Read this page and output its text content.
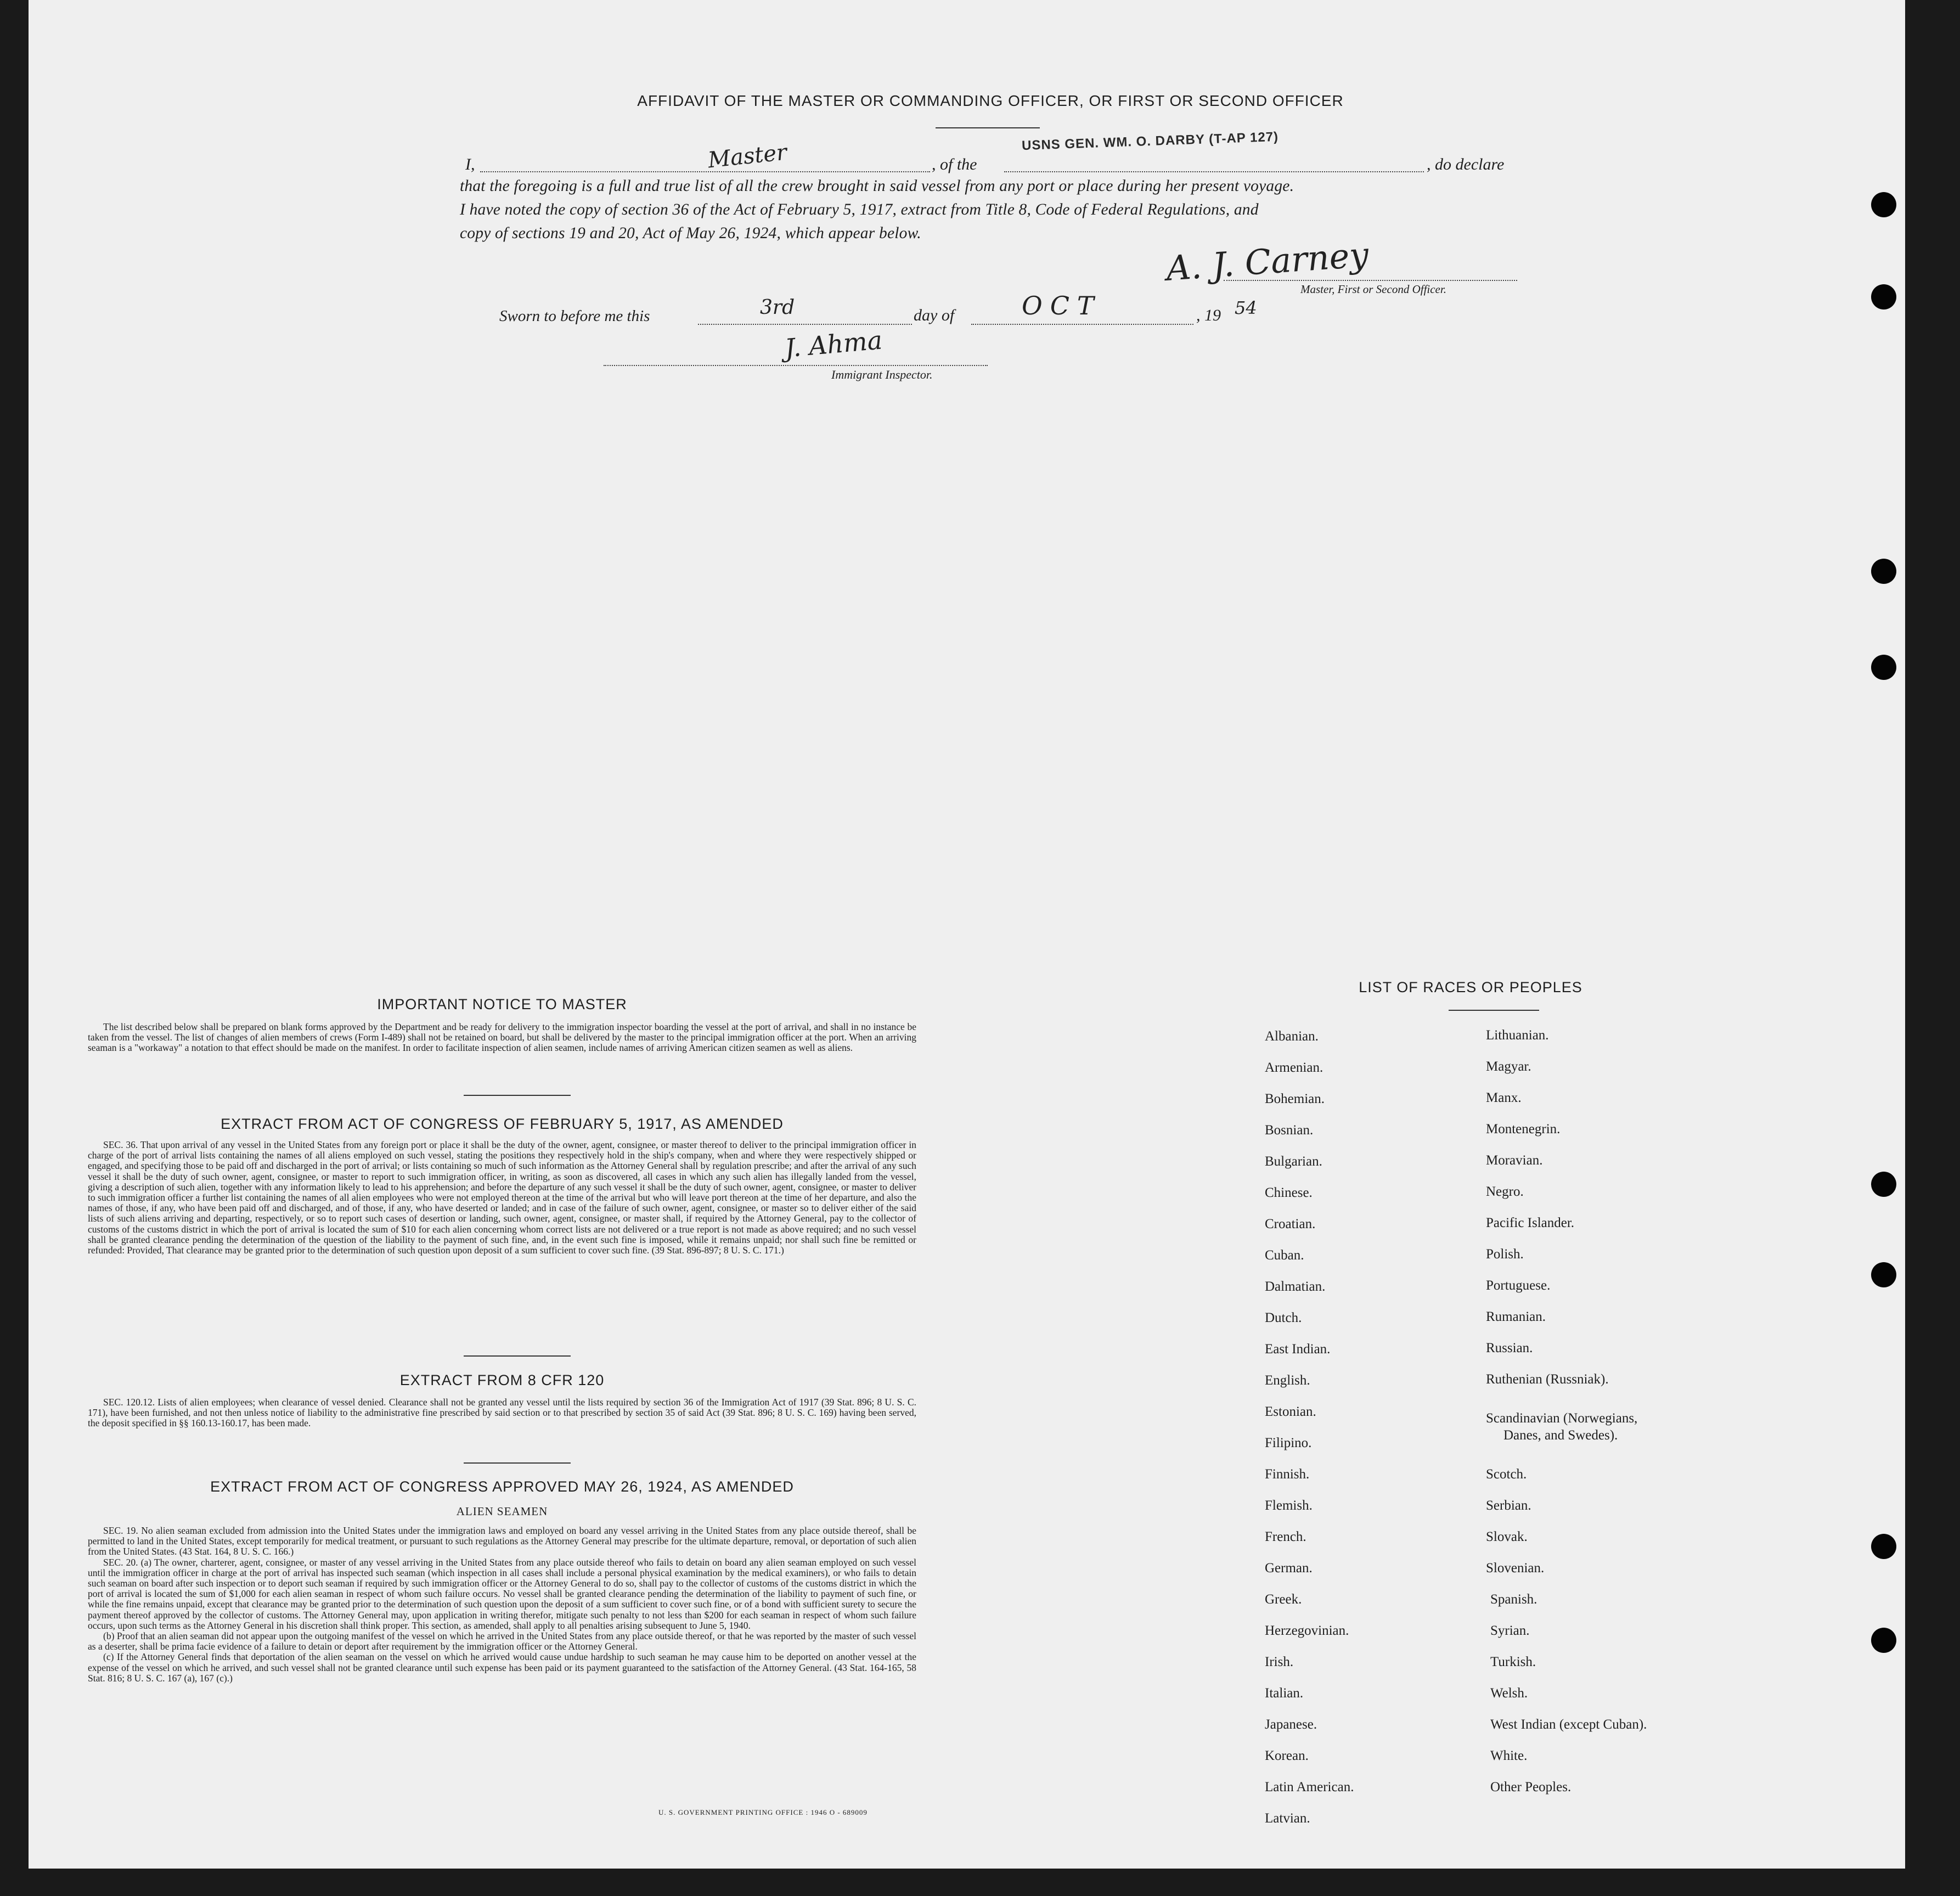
AFFIDAVIT OF THE MASTER OR COMMANDING OFFICER, OR FIRST OR SECOND OFFICER
I,	Master	, of the
USNS GEN. WM. O. DARBY (T-AP 127)
, do declare
that the foregoing is a full and true list of all the crew brought in said vessel from any port or place during her present voyage.
I have noted the copy of section 36 of the Act of February 5, 1917, extract from Title 8, Code of Federal Regulations, and
copy of sections 19 and 20, Act of May 26, 1924, which appear below.
A. J. Carney
Master, First or Second Officer.
Sworn to before me this	3rd	day of	OCT	, 19 54
J. Ahma
Immigrant Inspector.
IMPORTANT NOTICE TO MASTER

The list described below shall be prepared on blank forms approved by the Department and be ready for delivery to the immigration inspector boarding the vessel at the port of arrival, and shall in no instance be taken from the vessel. The list of changes of alien members of crews (Form I-489) shall not be retained on board, but shall be delivered by the master to the principal immigration officer at the port. When an arriving seaman is a "workaway" a notation to that effect should be made on the manifest. In order to facilitate inspection of alien seamen, include names of arriving American citizen seamen as well as aliens.

EXTRACT FROM ACT OF CONGRESS OF FEBRUARY 5, 1917, AS AMENDED

SEC. 36. That upon arrival of any vessel in the United States from any foreign port or place it shall be the duty of the owner, agent, consignee, or master thereof to deliver to the principal immigration officer in charge of the port of arrival lists containing the names of all aliens employed on such vessel, stating the positions they respectively hold in the ship's company, when and where they were respectively shipped or engaged, and specifying those to be paid off and discharged in the port of arrival; or lists containing so much of such information as the Attorney General shall by regulation prescribe; and after the arrival of any such vessel it shall be the duty of such owner, agent, consignee, or master to report to such immigration officer, in writing, as soon as discovered, all cases in which any such alien has illegally landed from the vessel, giving a description of such alien, together with any information likely to lead to his apprehension; and before the departure of any such vessel it shall be the duty of such owner, agent, consignee, or master to deliver to such immigration officer a further list containing the names of all alien employees who were not employed thereon at the time of the arrival but who will leave port thereon at the time of her departure, and also the names of those, if any, who have been paid off and discharged, and of those, if any, who have deserted or landed; and in case of the failure of such owner, agent, consignee, or master so to deliver either of the said lists of such aliens arriving and departing, respectively, or so to report such cases of desertion or landing, such owner, agent, consignee, or master shall, if required by the Attorney General, pay to the collector of customs of the customs district in which the port of arrival is located the sum of $10 for each alien concerning whom correct lists are not delivered or a true report is not made as above required; and no such vessel shall be granted clearance pending the determination of the question of the liability to the payment of such fine, and, in the event such fine is imposed, while it remains unpaid; nor shall such fine be remitted or refunded: Provided, That clearance may be granted prior to the determination of such question upon deposit of a sum sufficient to cover such fine. (39 Stat. 896-897; 8 U. S. C. 171.)

EXTRACT FROM 8 CFR 120

SEC. 120.12. Lists of alien employees; when clearance of vessel denied. Clearance shall not be granted any vessel until the lists required by section 36 of the Immigration Act of 1917 (39 Stat. 896; 8 U. S. C. 171), have been furnished, and not then unless notice of liability to the administrative fine prescribed by said section or to that prescribed by section 35 of said Act (39 Stat. 896; 8 U. S. C. 169) having been served, the deposit specified in §§ 160.13-160.17, has been made.

EXTRACT FROM ACT OF CONGRESS APPROVED MAY 26, 1924, AS AMENDED
ALIEN SEAMEN

SEC. 19. No alien seaman excluded from admission into the United States under the immigration laws and employed on board any vessel arriving in the United States from any place outside thereof, shall be permitted to land in the United States, except temporarily for medical treatment, or pursuant to such regulations as the Attorney General may prescribe for the ultimate departure, removal, or deportation of such alien from the United States. (43 Stat. 164, 8 U. S. C. 166.)

SEC. 20. (a) The owner, charterer, agent, consignee, or master of any vessel arriving in the United States from any place outside thereof who fails to detain on board any alien seaman employed on such vessel until the immigration officer in charge at the port of arrival has inspected such seaman (which inspection in all cases shall include a personal physical examination by the medical examiners), or who fails to detain such seaman on board after such inspection or to deport such seaman if required by such immigration officer or the Attorney General to do so, shall pay to the collector of customs of the customs district in which the port of arrival is located the sum of $1,000 for each alien seaman in respect of whom such failure occurs. No vessel shall be granted clearance pending the determination of the liability to payment of such fine, or while the fine remains unpaid, except that clearance may be granted prior to the determination of such question upon the deposit of a sum sufficient to cover such fine, or of a bond with sufficient surety to secure the payment thereof approved by the collector of customs. The Attorney General may, upon application in writing therefor, mitigate such penalty to not less than $200 for each seaman in respect of whom such failure occurs, upon such terms as the Attorney General in his discretion shall think proper. This section, as amended, shall apply to all penalties arising subsequent to June 5, 1940.

(b) Proof that an alien seaman did not appear upon the outgoing manifest of the vessel on which he arrived in the United States from any place outside thereof, or that he was reported by the master of such vessel as a deserter, shall be prima facie evidence of a failure to detain or deport after requirement by the immigration officer or the Attorney General.

(c) If the Attorney General finds that deportation of the alien seaman on the vessel on which he arrived would cause undue hardship to such seaman he may cause him to be deported on another vessel at the expense of the vessel on which he arrived, and such vessel shall not be granted clearance until such expense has been paid or its payment guaranteed to the satisfaction of the Attorney General. (43 Stat. 164-165, 58 Stat. 816; 8 U. S. C. 167 (a), 167 (c).)

U. S. GOVERNMENT PRINTING OFFICE : 1946 O - 689009
LIST OF RACES OR PEOPLES
Albanian.
Armenian.
Bohemian.
Bosnian.
Bulgarian.
Chinese.
Croatian.
Cuban.
Dalmatian.
Dutch.
East Indian.
English.
Estonian.
Filipino.
Finnish.
Flemish.
French.
German.
Greek.
Herzegovinian.
Irish.
Italian.
Japanese.
Korean.
Latin American.
Latvian.
Lithuanian.
Magyar.
Manx.
Montenegrin.
Moravian.
Negro.
Pacific Islander.
Polish.
Portuguese.
Rumanian.
Russian.
Ruthenian (Russniak).
Scandinavian (Norwegians,
Danes, and Swedes).
Scotch.
Serbian.
Slovak.
Slovenian.
Spanish.
Syrian.
Turkish.
Welsh.
West Indian (except Cuban).
White.
Other Peoples.
